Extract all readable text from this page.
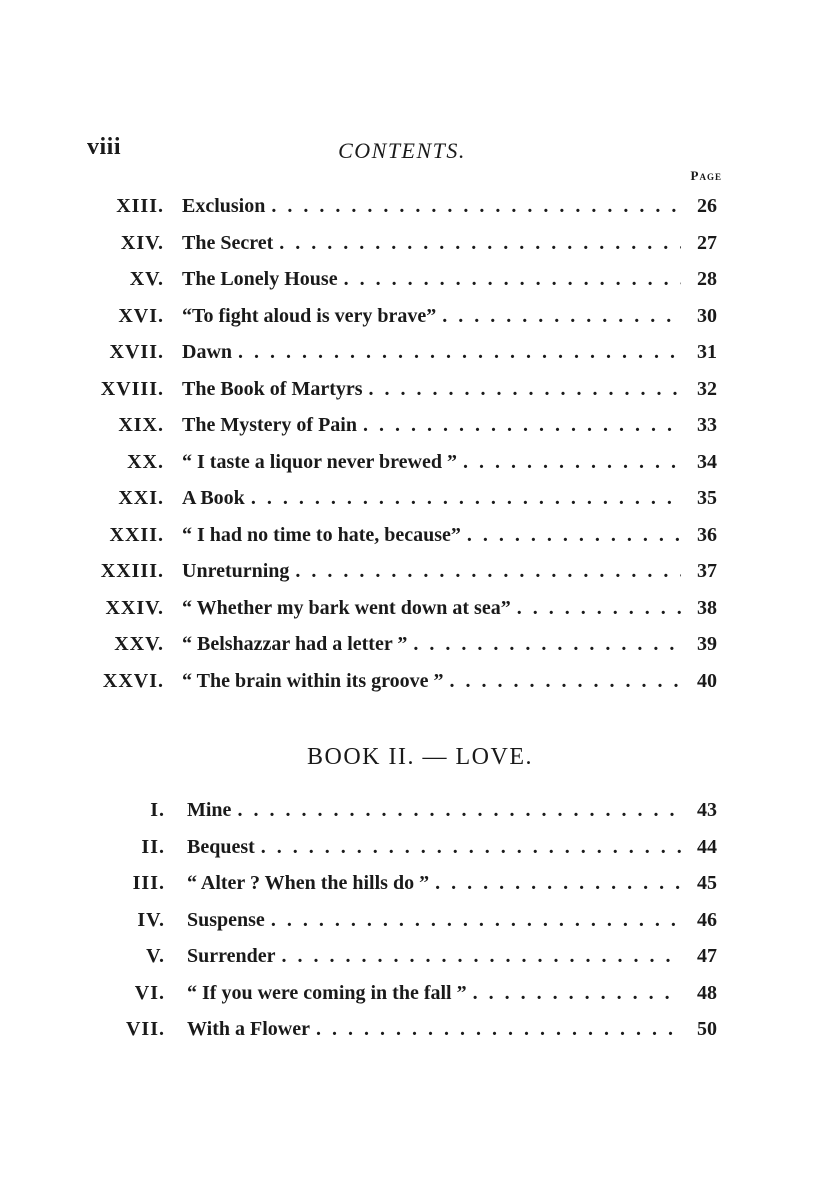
viii	CONTENTS.
Page
XIII. Exclusion . . .	26
XIV. The Secret . . .	27
XV. The Lonely House . . .	28
XVI. “To fight aloud is very brave” . . .	30
XVII. Dawn . . .	31
XVIII. The Book of Martyrs . . .	32
XIX. The Mystery of Pain . . .	33
XX. “ I taste a liquor never brewed ” . . .	34
XXI. A Book . . .	35
XXII. “ I had no time to hate, because” . . .	36
XXIII. Unreturning . . .	37
XXIV. “ Whether my bark went down at sea” . . .	38
XXV. “ Belshazzar had a letter ” . . .	39
XXVI. “ The brain within its groove ” . . .	40
BOOK II. — LOVE.
I. Mine . . .	43
II. Bequest . . .	44
III. “ Alter ? When the hills do ” . . .	45
IV. Suspense . . .	46
V. Surrender . . .	47
VI. “ If you were coming in the fall ” . . .	48
VII. With a Flower . . .	50
